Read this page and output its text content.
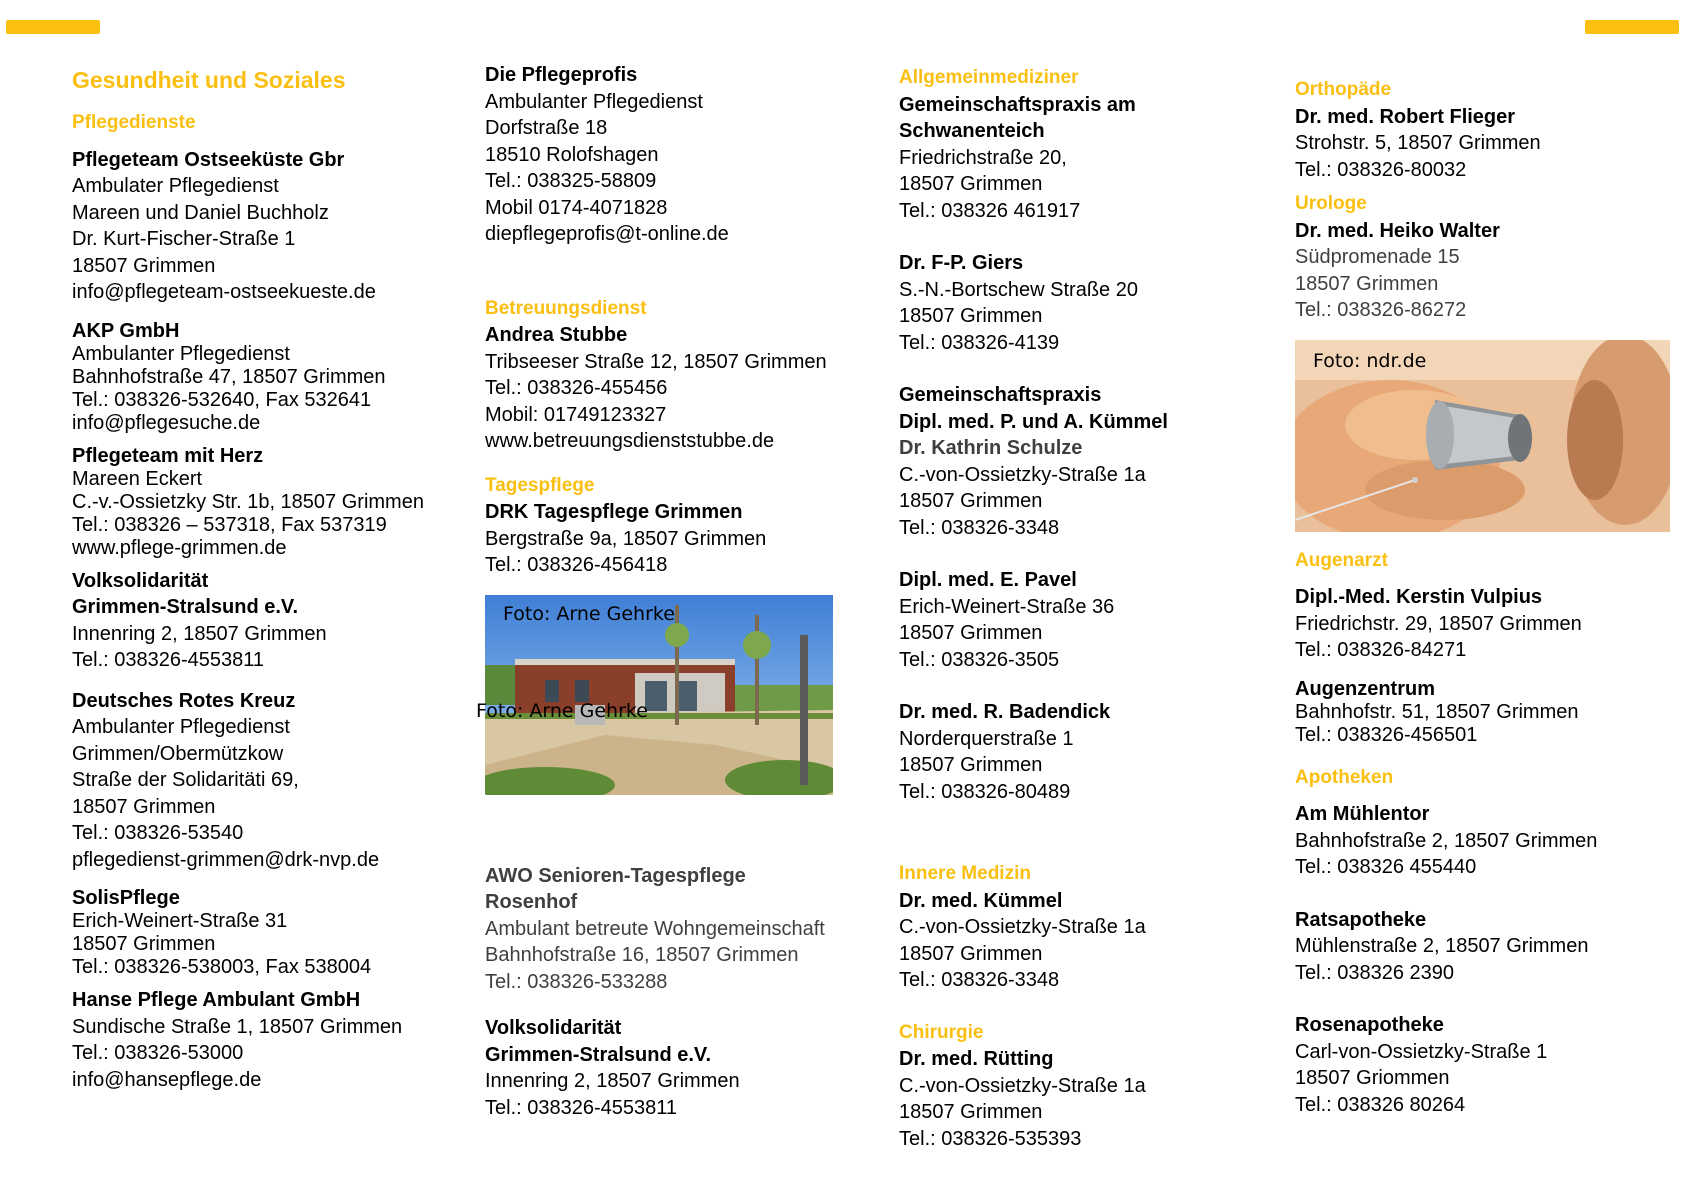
Gesundheit und Soziales
Pflegedienste
Pflegeteam Ostseeküste Gbr
Ambulater Pflegedienst
Mareen und Daniel Buchholz
Dr. Kurt-Fischer-Straße 1
18507 Grimmen
info@pflegeteam-ostseekueste.de
AKP GmbH
Ambulanter Pflegedienst
Bahnhofstraße 47, 18507 Grimmen
Tel.: 038326-532640, Fax 532641
info@pflegesuche.de
Pflegeteam mit Herz
Mareen Eckert
C.-v.-Ossietzky Str. 1b, 18507 Grimmen
Tel.: 038326 – 537318, Fax 537319
www.pflege-grimmen.de
Volksolidarität
Grimmen-Stralsund e.V.
Innenring 2, 18507 Grimmen
Tel.: 038326-4553811
Deutsches Rotes Kreuz
Ambulanter Pflegedienst
Grimmen/Obermützkow
Straße der Solidaritäti 69,
18507 Grimmen
Tel.: 038326-53540
pflegedienst-grimmen@drk-nvp.de
SolisPflege
Erich-Weinert-Straße 31
18507 Grimmen
Tel.: 038326-538003, Fax 538004
Hanse Pflege Ambulant GmbH
Sundische Straße 1, 18507 Grimmen
Tel.: 038326-53000
info@hansepflege.de
Die Pflegeprofis
Ambulanter Pflegedienst
Dorfstraße 18
18510 Rolofshagen
Tel.: 038325-58809
Mobil 0174-4071828
diepflegeprofis@t-online.de
Betreuungsdienst
Andrea Stubbe
Tribseeser Straße 12, 18507 Grimmen
Tel.: 038326-455456
Mobil: 01749123327
www.betreuungsdienststubbe.de
Tagespflege
DRK Tagespflege Grimmen
Bergstraße 9a, 18507 Grimmen
Tel.: 038326-456418
Foto: Arne Gehrke
AWO Senioren-Tagespflege
Rosenhof
Ambulant betreute Wohngemeinschaft
Bahnhofstraße 16, 18507 Grimmen
Tel.: 038326-533288
Volksolidarität
Grimmen-Stralsund e.V.
Innenring 2, 18507 Grimmen
Tel.: 038326-4553811
Foto: Arne Gehrke
Allgemeinmediziner
Gemeinschaftspraxis am
Schwanenteich
Friedrichstraße 20,
18507 Grimmen
Tel.: 038326 461917
Dr. F-P. Giers
S.-N.-Bortschew Straße 20
18507 Grimmen
Tel.: 038326-4139
Gemeinschaftspraxis
Dipl. med. P. und A. Kümmel
Dr. Kathrin Schulze
C.-von-Ossietzky-Straße 1a
18507 Grimmen
Tel.: 038326-3348
Dipl. med. E. Pavel
Erich-Weinert-Straße 36
18507 Grimmen
Tel.: 038326-3505
Dr. med. R. Badendick
Norderquerstraße 1
18507 Grimmen
Tel.: 038326-80489
Innere Medizin
Dr. med. Kümmel
C.-von-Ossietzky-Straße 1a
18507 Grimmen
Tel.: 038326-3348
Chirurgie
Dr. med. Rütting
C.-von-Ossietzky-Straße 1a
18507 Grimmen
Tel.: 038326-535393
Orthopäde
Dr. med. Robert Flieger
Strohstr. 5, 18507 Grimmen
Tel.: 038326-80032
Urologe
Dr. med. Heiko Walter
Südpromenade 15
18507 Grimmen
Tel.: 038326-86272
Foto: ndr.de
Augenarzt
Dipl.-Med. Kerstin Vulpius
Friedrichstr. 29, 18507 Grimmen
Tel.: 038326-84271
Augenzentrum
Bahnhofstr. 51, 18507 Grimmen
Tel.: 038326-456501
Apotheken
Am Mühlentor
Bahnhofstraße 2, 18507 Grimmen
Tel.: 038326 455440
Ratsapotheke
Mühlenstraße 2, 18507 Grimmen
Tel.: 038326 2390
Rosenapotheke
Carl-von-Ossietzky-Straße 1
18507 Griommen
Tel.: 038326 80264
